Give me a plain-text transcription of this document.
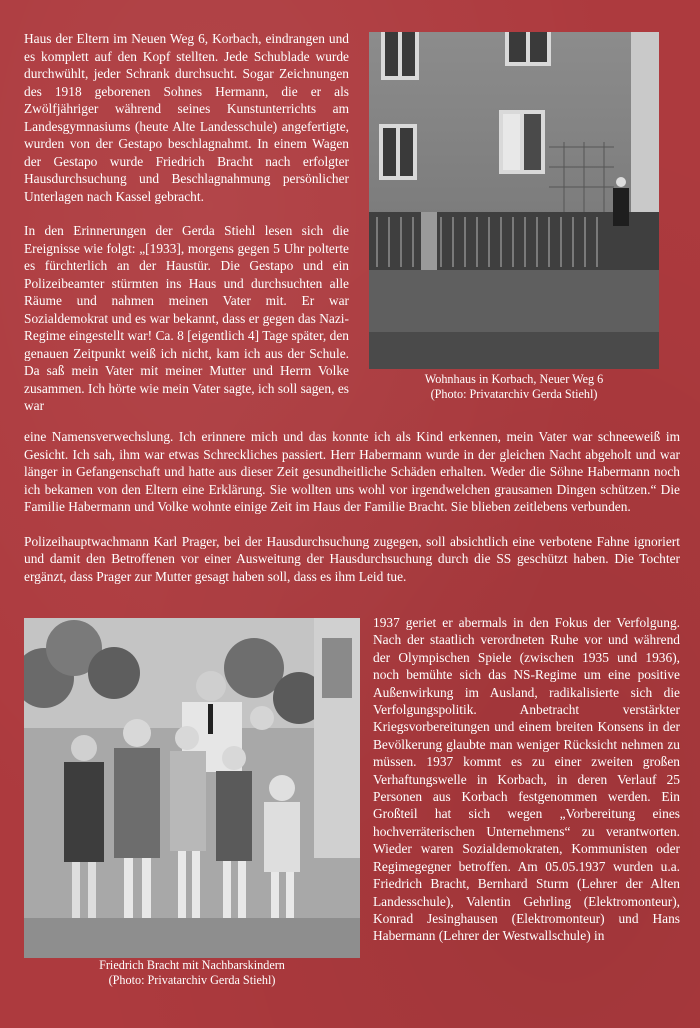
Haus der Eltern im Neuen Weg 6, Korbach, eindrangen und es komplett auf den Kopf stellten. Jede Schublade wurde durchwühlt, jeder Schrank durchsucht. Sogar Zeichnungen des 1918 geborenen Sohnes Hermann, die er als Zwölfjähriger während seines Kunstunterrichts am Landesgymnasiums (heute Alte Landesschule) angefertigte, wurden von der Gestapo beschlagnahmt. In einem Wagen der Gestapo wurde Friedrich Bracht nach erfolgter Hausdurchsuchung und Beschlagnahmung persönlicher Unterlagen nach Kassel gebracht.

In den Erinnerungen der Gerda Stiehl lesen sich die Ereignisse wie folgt: „[1933], morgens gegen 5 Uhr polterte es fürchterlich an der Haustür. Die Gestapo und ein Polizeibeamter stürmten ins Haus und durchsuchten alle Räume und nahmen meinen Vater mit. Er war Sozialdemokrat und es war bekannt, dass er gegen das Nazi-Regime eingestellt war! Ca. 8 [eigentlich 4] Tage später, den genauen Zeitpunkt weiß ich nicht, kam ich aus der Schule. Da saß mein Vater mit meiner Mutter und Herrn Volke zusammen. Ich hörte wie mein Vater sagte, ich soll sagen, es war

Wohnhaus in Korbach, Neuer Weg 6
(Photo: Privatarchiv Gerda Stiehl)

eine Namensverwechslung. Ich erinnere mich und das konnte ich als Kind erkennen, mein Vater war schneeweiß im Gesicht. Ich sah, ihm war etwas Schreckliches passiert. Herr Habermann wurde in der gleichen Nacht abgeholt und war länger in Gefangenschaft und hatte aus dieser Zeit gesundheitliche Schäden erhalten. Weder die Söhne Habermann noch ich bekamen von den Eltern eine Erklärung. Sie wollten uns wohl vor irgendwelchen grausamen Dingen schützen.“ Die Familie Habermann und Volke wohnte einige Zeit im Haus der Familie Bracht. Sie blieben zeitlebens verbunden.

Polizeihauptwachmann Karl Prager, bei der Hausdurchsuchung zugegen, soll absichtlich eine verbotene Fahne ignoriert und damit den Betroffenen vor einer Ausweitung der Hausdurchsuchung durch die SS geschützt haben. Die Tochter ergänzt, dass Prager zur Mutter gesagt haben soll, dass es ihm Leid tue.

Friedrich Bracht mit Nachbarskindern
(Photo: Privatarchiv Gerda Stiehl)

1937 geriet er abermals in den Fokus der Verfolgung. Nach der staatlich verordneten Ruhe vor und während der Olympischen Spiele (zwischen 1935 und 1936), noch bemühte sich das NS-Regime um eine positive Außenwirkung im Ausland, radikalisierte sich die Verfolgungspolitik. Anbetracht verstärkter Kriegsvorbereitungen und einem breiten Konsens in der Bevölkerung glaubte man weniger Rücksicht nehmen zu müssen. 1937 kommt es zu einer zweiten großen Verhaftungswelle in Korbach, in deren Verlauf 25 Personen aus Korbach festgenommen werden. Ein Großteil hat sich wegen „Vorbereitung eines hochverräterischen Unternehmens“ zu verantworten. Wieder waren Sozialdemokraten, Kommunisten oder Regimegegner betroffen. Am 05.05.1937 wurden u.a. Friedrich Bracht, Bernhard Sturm (Lehrer der Alten Landesschule), Valentin Gehrling (Elektromonteur), Konrad Jesinghausen (Elektromonteur) und Hans Habermann (Lehrer der Westwallschule) in
